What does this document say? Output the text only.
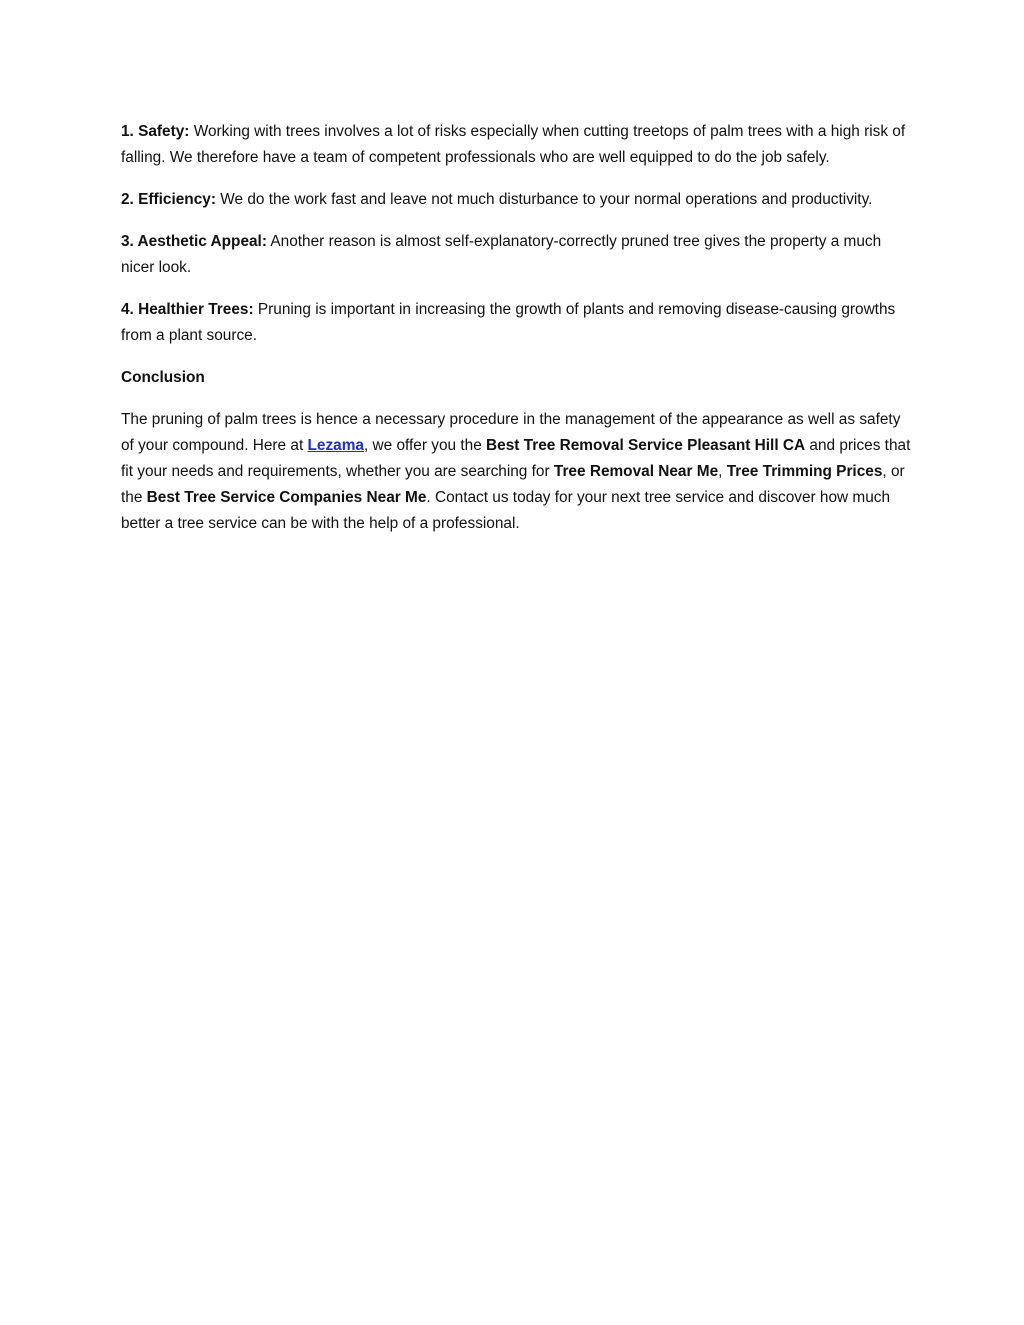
1. Safety: Working with trees involves a lot of risks especially when cutting treetops of palm trees with a high risk of falling. We therefore have a team of competent professionals who are well equipped to do the job safely.

2. Efficiency: We do the work fast and leave not much disturbance to your normal operations and productivity.

3. Aesthetic Appeal: Another reason is almost self-explanatory-correctly pruned tree gives the property a much nicer look.

4. Healthier Trees: Pruning is important in increasing the growth of plants and removing disease-causing growths from a plant source.

Conclusion

The pruning of palm trees is hence a necessary procedure in the management of the appearance as well as safety of your compound. Here at Lezama, we offer you the Best Tree Removal Service Pleasant Hill CA and prices that fit your needs and requirements, whether you are searching for Tree Removal Near Me, Tree Trimming Prices, or the Best Tree Service Companies Near Me. Contact us today for your next tree service and discover how much better a tree service can be with the help of a professional.
